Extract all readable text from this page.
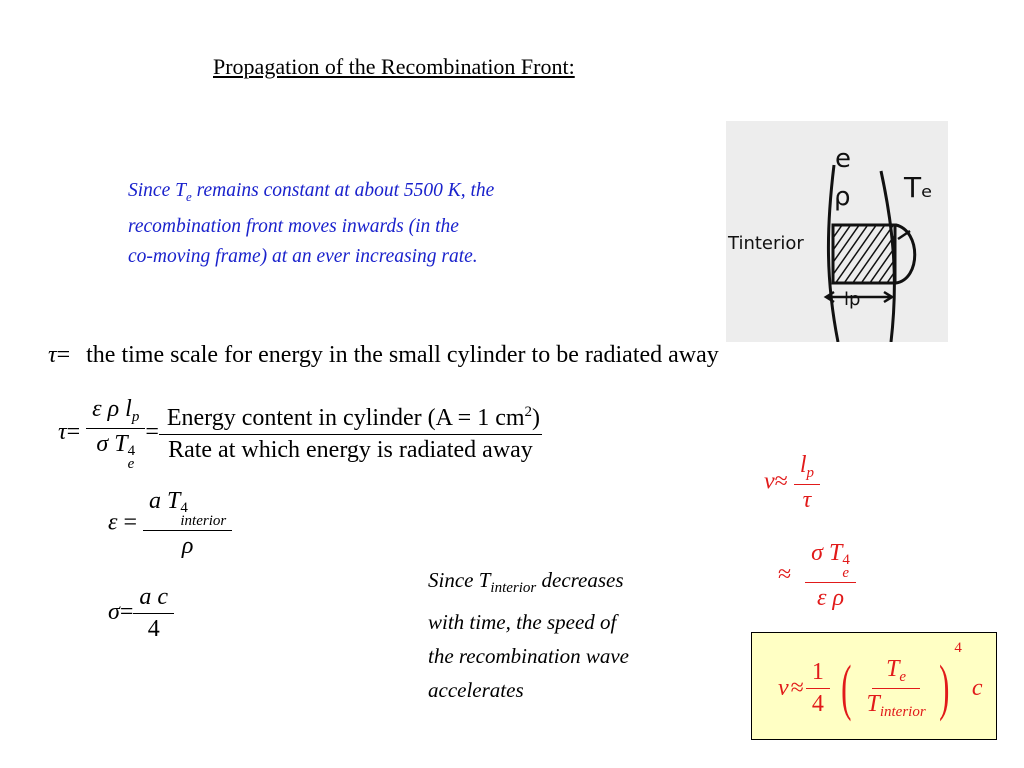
Propagation of the Recombination Front:

Since $T_e$ remains constant at about 5500 K, the

recombination front moves inwards (in the

co-moving frame) at an ever increasing rate.

e
ρ Tₑ
Tinterior
lp
τ= the time scale for energy in the small cylinder to be radiated away
τ= ε ρ $l_p$
σ T 4
$e = \frac{Energy content in cylinder (A = 1 cm^2)}{\text{Rate at which energy is radiated away}}$
ε = a T 4
interior
ρ
$\sigma= \frac{\text{a c}}{4}$

Since $T_{interior}$ decreases

with time, the speed of

the recombination wave

accelerates

$v\approx \frac{l_p}{\tau}$
≈ σ T 4
e
ε ρ
$v \approx \frac{1}{4}$ ( $\frac{T_e}{T_{interior}}$ )
4
c
